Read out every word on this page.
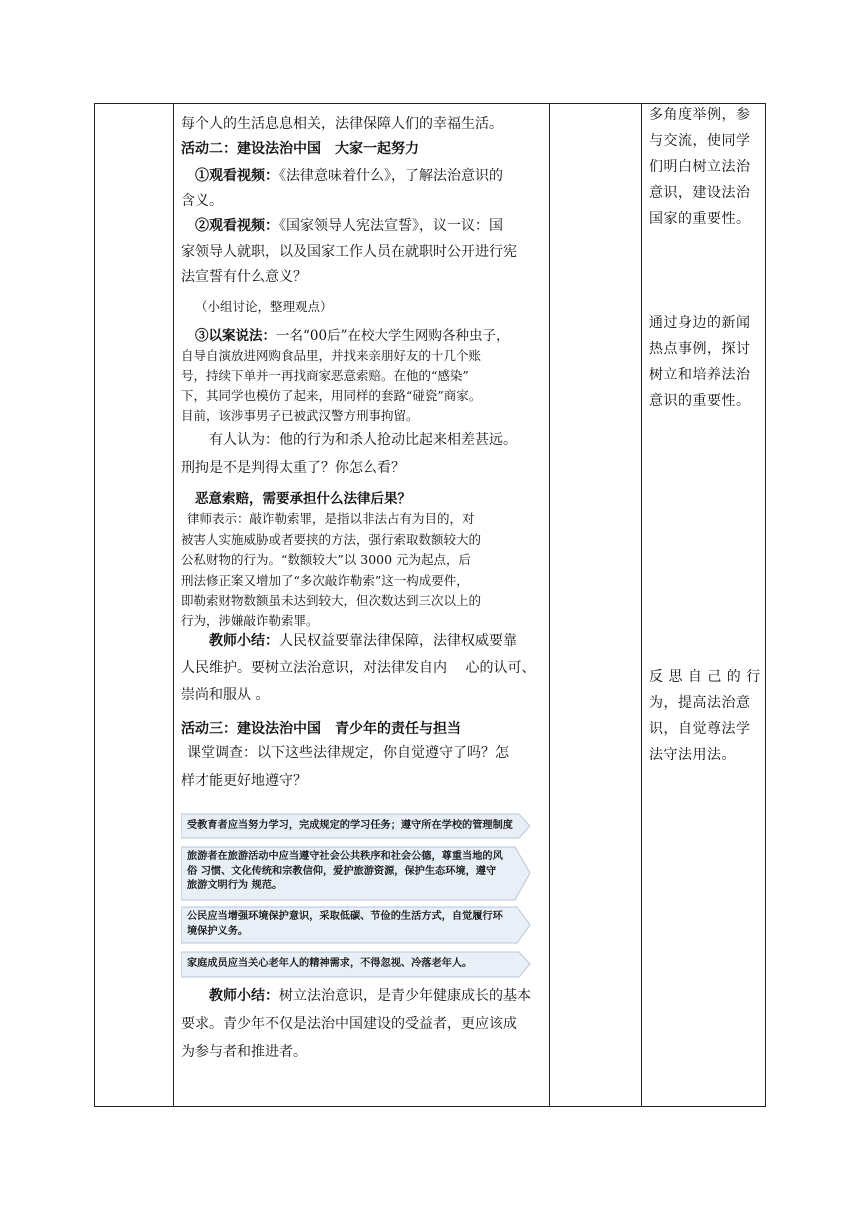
每个人的生活息息相关，法律保障人们的幸福生活。
活动二：建设法治中国　大家一起努力
①观看视频：《法律意味着什么》，了解法治意识的
含义。
②观看视频：《国家领导人宪法宣誓》，议一议：国
家领导人就职，以及国家工作人员在就职时公开进行宪
法宣誓有什么意义？
（小组讨论，整理观点）
③以案说法：一名“00后”在校大学生网购各种虫子，
自导自演放进网购食品里，并找来亲朋好友的十几个账
号，持续下单并一再找商家恶意索赔。在他的“感染”
下，其同学也模仿了起来，用同样的套路“碰瓷”商家。
目前，该涉事男子已被武汉警方刑事拘留。
有人认为：他的行为和杀人抢动比起来相差甚远。
刑拘是不是判得太重了？你怎么看？
恶意索赔，需要承担什么法律后果？
律师表示：敲诈勒索罪，是指以非法占有为目的，对
被害人实施威胁或者要挟的方法，强行索取数额较大的
公私财物的行为。“数额较大”以 3000 元为起点，后
刑法修正案又增加了“多次敲诈勒索”这一构成要件，
即勒索财物数额虽未达到较大，但次数达到三次以上的
行为，涉嫌敲诈勒索罪。
教师小结：人民权益要靠法律保障，法律权威要靠
人民维护。要树立法治意识，对法律发自内　 心的认可、
崇尚和服从 。
活动三：建设法治中国　青少年的责任与担当
课堂调查：以下这些法律规定，你自觉遵守了吗？怎
样才能更好地遵守？
受教育者应当努力学习，完成规定的学习任务；遵守所在学校的管理制度
旅游者在旅游活动中应当遵守社会公共秩序和社会公德，尊重当地的风
俗 习惯、文化传统和宗教信仰，爱护旅游资源，保护生态环境，遵守
旅游文明行为 规范。
公民应当增强环境保护意识，采取低碳、节俭的生活方式，自觉履行环
境保护义务。
家庭成员应当关心老年人的精神需求，不得忽视、冷落老年人。
教师小结：树立法治意识，是青少年健康成长的基本
要求。青少年不仅是法治中国建设的受益者，更应该成
为参与者和推进者。
多角度举例，参
与交流，使同学
们明白树立法治
意识，建设法治
国家的重要性。
通过身边的新闻
热点事例，探讨
树立和培养法治
意识的重要性。
反 思 自 己 的 行
为，提高法治意
识，自觉尊法学
法守法用法。
